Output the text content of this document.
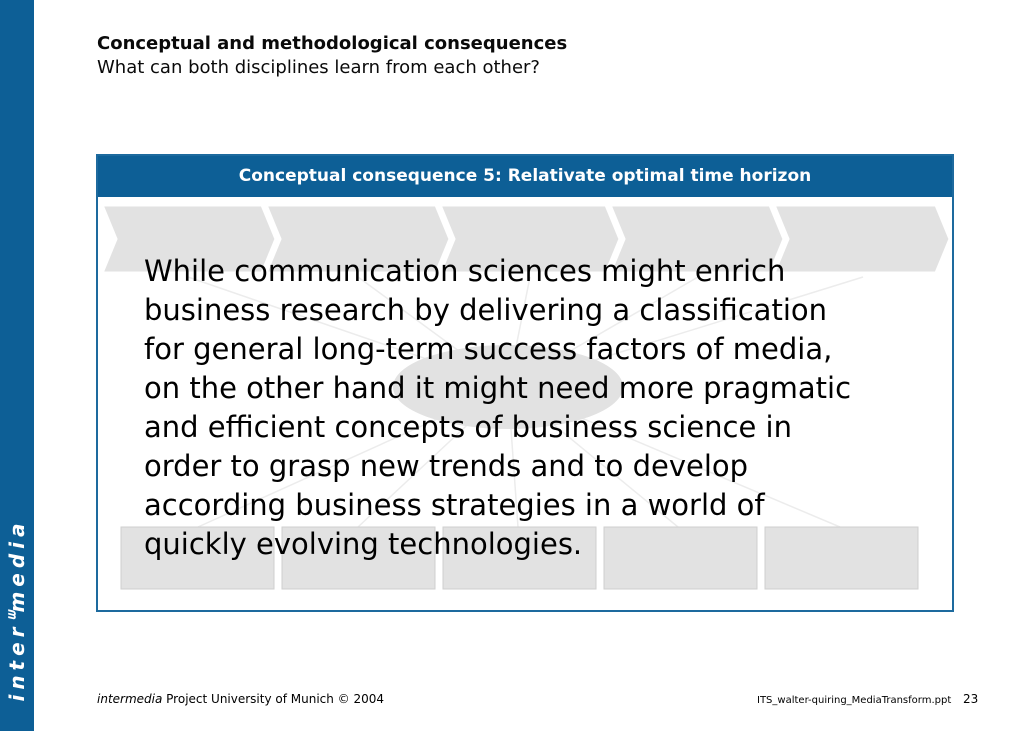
interᐜmedia
Conceptual and methodological consequences
What can both disciplines learn from each other?
Conceptual consequence 5: Relativate optimal time horizon
While communication sciences might enrich
business research by delivering a classification
for general long-term success factors of media,
on the other hand it might need more pragmatic
and efficient concepts of business science in
order to grasp new trends and to develop
according business strategies in a world of
quickly evolving technologies.
intermedia Project University of Munich © 2004	ITS_walter-quiring_MediaTransform.ppt 23
